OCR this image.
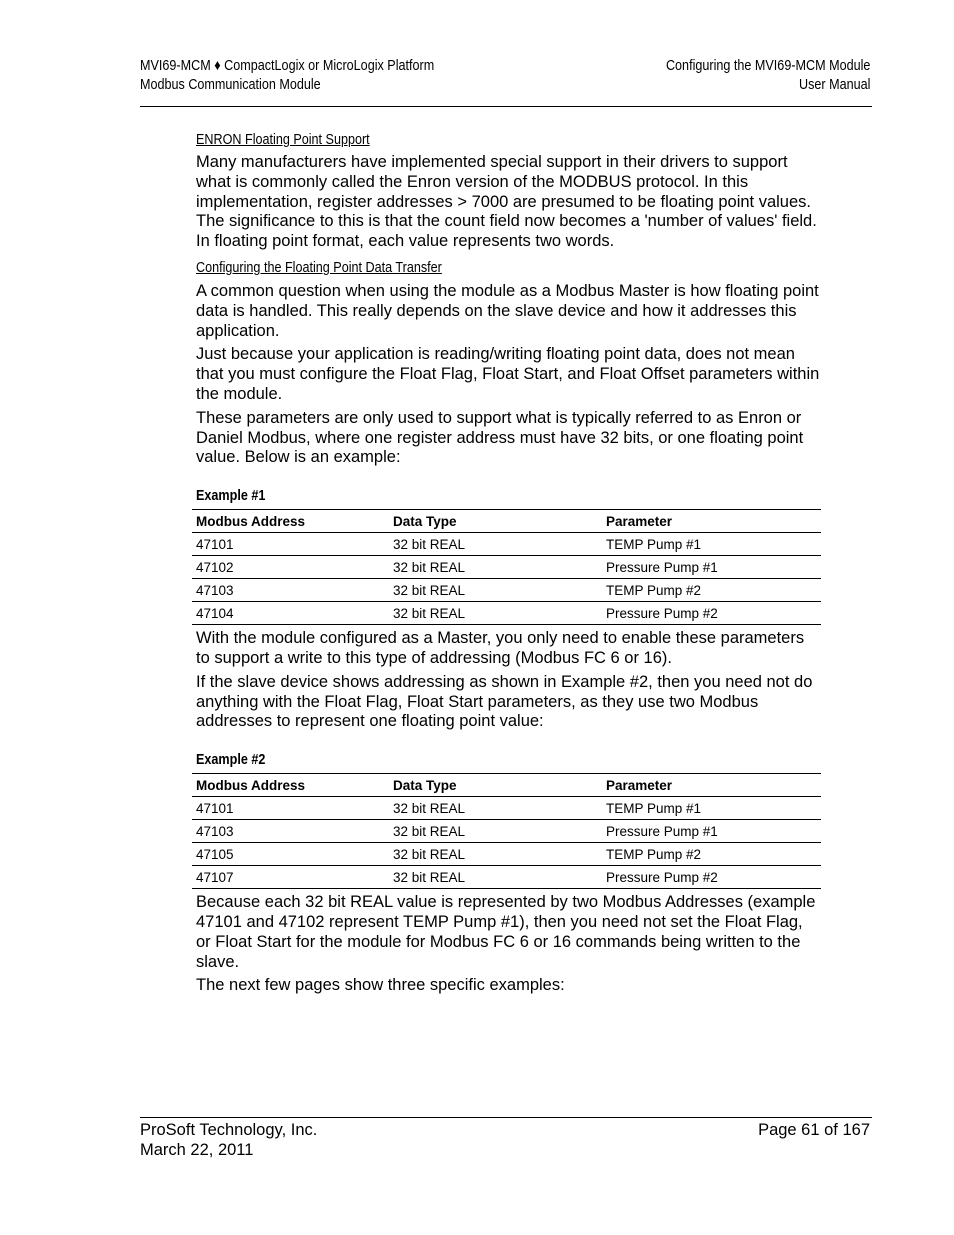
MVI69-MCM ♦ CompactLogix or MicroLogix Platform
Modbus Communication Module
Configuring the MVI69-MCM Module
User Manual
ENRON Floating Point Support

Many manufacturers have implemented special support in their drivers to support what is commonly called the Enron version of the MODBUS protocol. In this implementation, register addresses > 7000 are presumed to be floating point values. The significance to this is that the count field now becomes a 'number of values' field. In floating point format, each value represents two words.

Configuring the Floating Point Data Transfer

A common question when using the module as a Modbus Master is how floating point data is handled. This really depends on the slave device and how it addresses this application.

Just because your application is reading/writing floating point data, does not mean that you must configure the Float Flag, Float Start, and Float Offset parameters within the module.

These parameters are only used to support what is typically referred to as Enron or Daniel Modbus, where one register address must have 32 bits, or one floating point value. Below is an example:

Example #1
Modbus Address	Data Type	Parameter
47101	32 bit REAL	TEMP Pump #1
47102	32 bit REAL	Pressure Pump #1
47103	32 bit REAL	TEMP Pump #2
47104	32 bit REAL	Pressure Pump #2

With the module configured as a Master, you only need to enable these parameters to support a write to this type of addressing (Modbus FC 6 or 16).

If the slave device shows addressing as shown in Example #2, then you need not do anything with the Float Flag, Float Start parameters, as they use two Modbus addresses to represent one floating point value:

Example #2
Modbus Address	Data Type	Parameter
47101	32 bit REAL	TEMP Pump #1
47103	32 bit REAL	Pressure Pump #1
47105	32 bit REAL	TEMP Pump #2
47107	32 bit REAL	Pressure Pump #2

Because each 32 bit REAL value is represented by two Modbus Addresses (example 47101 and 47102 represent TEMP Pump #1), then you need not set the Float Flag, or Float Start for the module for Modbus FC 6 or 16 commands being written to the slave.

The next few pages show three specific examples:

ProSoft Technology, Inc.
March 22, 2011
Page 61 of 167
